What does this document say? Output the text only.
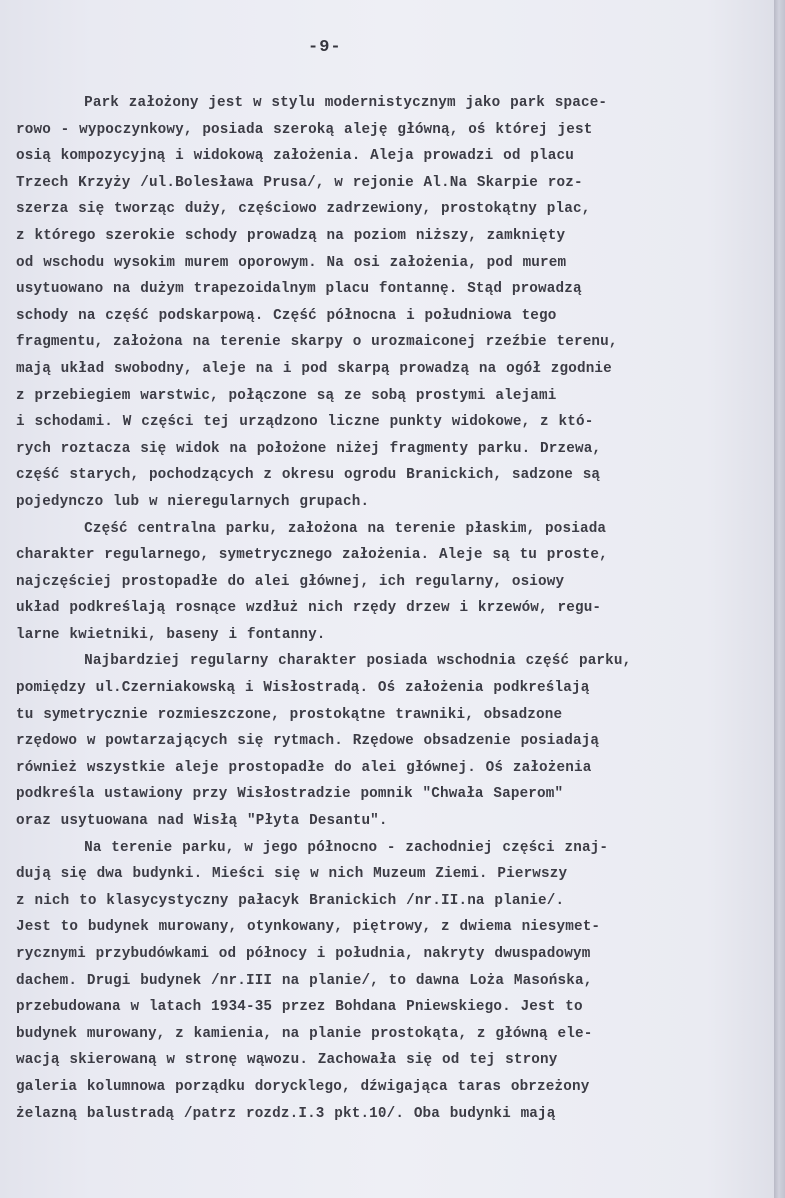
-9-
Park założony jest w stylu modernistycznym jako park space-
rowo - wypoczynkowy, posiada szeroką aleję główną, oś której jest
osią kompozycyjną i widokową założenia. Aleja prowadzi od placu
Trzech Krzyży /ul.Bolesława Prusa/, w rejonie Al.Na Skarpie roz-
szerza się tworząc duży, częściowo zadrzewiony, prostokątny plac,
z którego szerokie schody prowadzą na poziom niższy, zamknięty
od wschodu wysokim murem oporowym. Na osi założenia, pod murem
usytuowano na dużym trapezoidalnym placu fontannę. Stąd prowadzą
schody na część podskarpową. Część północna i południowa tego
fragmentu, założona na terenie skarpy o urozmaiconej rzeźbie terenu,
mają układ swobodny, aleje na i pod skarpą prowadzą na ogół zgodnie
z przebiegiem warstwic, połączone są ze sobą prostymi alejami
i schodami. W części tej urządzono liczne punkty widokowe, z któ-
rych roztacza się widok na położone niżej fragmenty parku. Drzewa,
część starych, pochodzących z okresu ogrodu Branickich, sadzone są
pojedynczo lub w nieregularnych grupach.
Część centralna parku, założona na terenie płaskim, posiada
charakter regularnego, symetrycznego założenia. Aleje są tu proste,
najczęściej prostopadłe do alei głównej, ich regularny, osiowy
układ podkreślają rosnące wzdłuż nich rzędy drzew i krzewów, regu-
larne kwietniki, baseny i fontanny.
Najbardziej regularny charakter posiada wschodnia część parku,
pomiędzy ul.Czerniakowską i Wisłostradą. Oś założenia podkreślają
tu symetrycznie rozmieszczone, prostokątne trawniki, obsadzone
rzędowo w powtarzających się rytmach. Rzędowe obsadzenie posiadają
również wszystkie aleje prostopadłe do alei głównej. Oś założenia
podkreśla ustawiony przy Wisłostradzie pomnik "Chwała Saperom"
oraz usytuowana nad Wisłą "Płyta Desantu".
Na terenie parku, w jego północno - zachodniej części znaj-
dują się dwa budynki. Mieści się w nich Muzeum Ziemi. Pierwszy
z nich to klasycystyczny pałacyk Branickich /nr.II.na planie/.
Jest to budynek murowany, otynkowany, piętrowy, z dwiema niesymet-
rycznymi przybudówkami od północy i południa, nakryty dwuspadowym
dachem. Drugi budynek /nr.III na planie/, to dawna Loża Masońska,
przebudowana w latach 1934-35 przez Bohdana Pniewskiego. Jest to
budynek murowany, z kamienia, na planie prostokąta, z główną ele-
wacją skierowaną w stronę wąwozu. Zachowała się od tej strony
galeria kolumnowa porządku dorycklego, dźwigająca taras obrzeżony
żelazną balustradą /patrz rozdz.I.3 pkt.10/. Oba budynki mają
